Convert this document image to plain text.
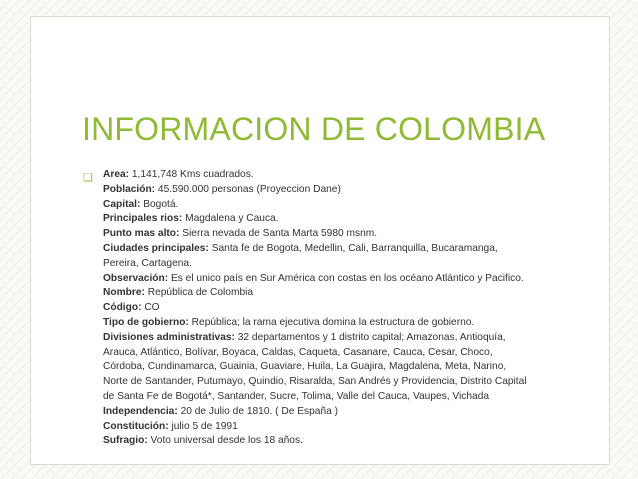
INFORMACION DE COLOMBIA
❑ Area: 1,141,748 Kms cuadrados.

Población: 45.590.000 personas (Proyeccion Dane)

Capital: Bogotá.

Principales rios: Magdalena y Cauca.

Punto mas alto: Sierra nevada de Santa Marta 5980 msnm.

Ciudades principales: Santa fe de Bogota, Medellin, Cali, Barranquilla, Bucaramanga, Pereira, Cartagena.

Observación: Es el unico país en Sur América con costas en los océano Atlántico y Pacifico.

Nombre: República de Colombia

Código: CO

Tipo de gobierno: República; la rama ejecutiva domina la estructura de gobierno.

Divisiones administrativas: 32 departamentos y 1 distrito capital; Amazonas, Antioquía, Arauca, Atlántico, Bolívar, Boyaca, Caldas, Caqueta, Casanare, Cauca, Cesar, Choco, Córdoba, Cundinamarca, Guainia, Guaviare, Huila, La Guajira, Magdalena, Meta, Narino, Norte de Santander, Putumayo, Quindio, Risaralda, San Andrés y Providencia, Distrito Capital de Santa Fe de Bogotá*, Santander, Sucre, Tolima, Valle del Cauca, Vaupes, Vichada

Independencia: 20 de Julio de 1810. ( De España )

Constitución: julio 5 de 1991

Sufragio: Voto universal desde los 18 años.
